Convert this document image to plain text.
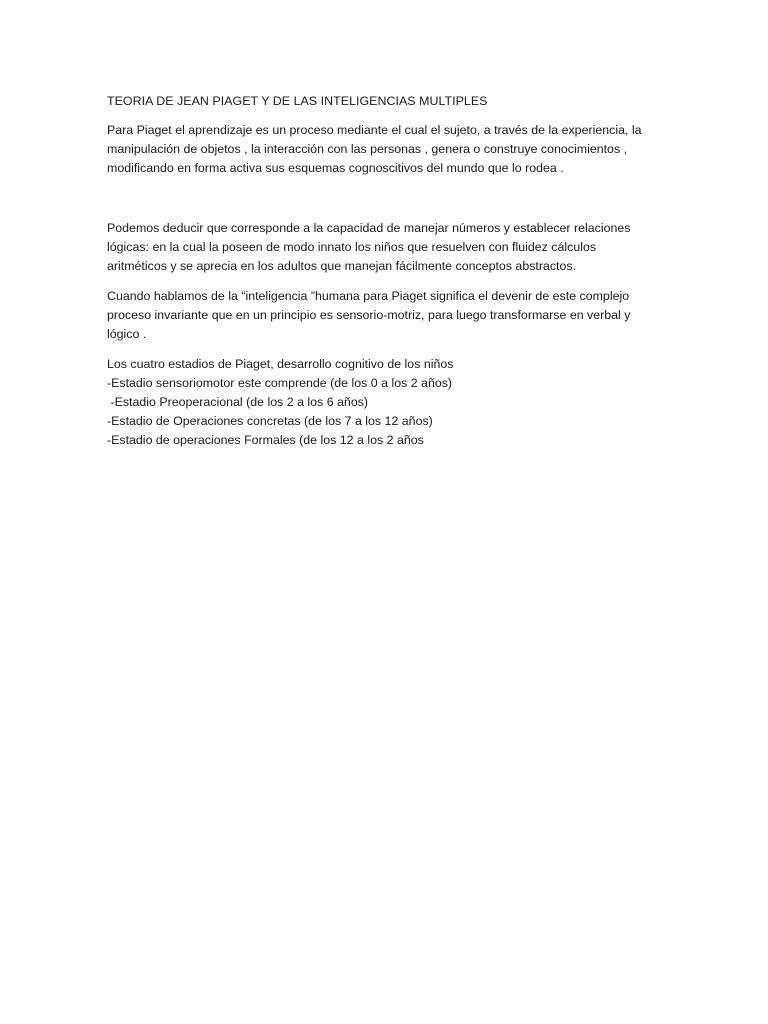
TEORIA DE JEAN PIAGET Y DE LAS INTELIGENCIAS MULTIPLES
Para Piaget el aprendizaje es un proceso mediante el cual el sujeto, a través de la experiencia, la
manipulación de objetos , la interacción con las personas , genera o construye conocimientos ,
modificando en forma activa sus esquemas cognoscitivos del mundo que lo rodea .
Podemos deducir que corresponde a la capacidad de manejar números y establecer relaciones
lógicas: en la cual la poseen de modo innato los niños que resuelven con fluidez cálculos
aritméticos y se aprecia en los adultos que manejan fácilmente conceptos abstractos.
Cuando hablamos de la “inteligencia ”humana para Piaget significa el devenir de este complejo
proceso invariante que en un principio es sensorio-motriz, para luego transformarse en verbal y
lógico .
Los cuatro estadios de Piaget, desarrollo cognitivo de los niños
-Estadio sensoriomotor este comprende (de los 0 a los 2 años)
-Estadio Preoperacional (de los 2 a los 6 años)
-Estadio de Operaciones concretas (de los 7 a los 12 años)
-Estadio de operaciones Formales (de los 12 a los 2 años
